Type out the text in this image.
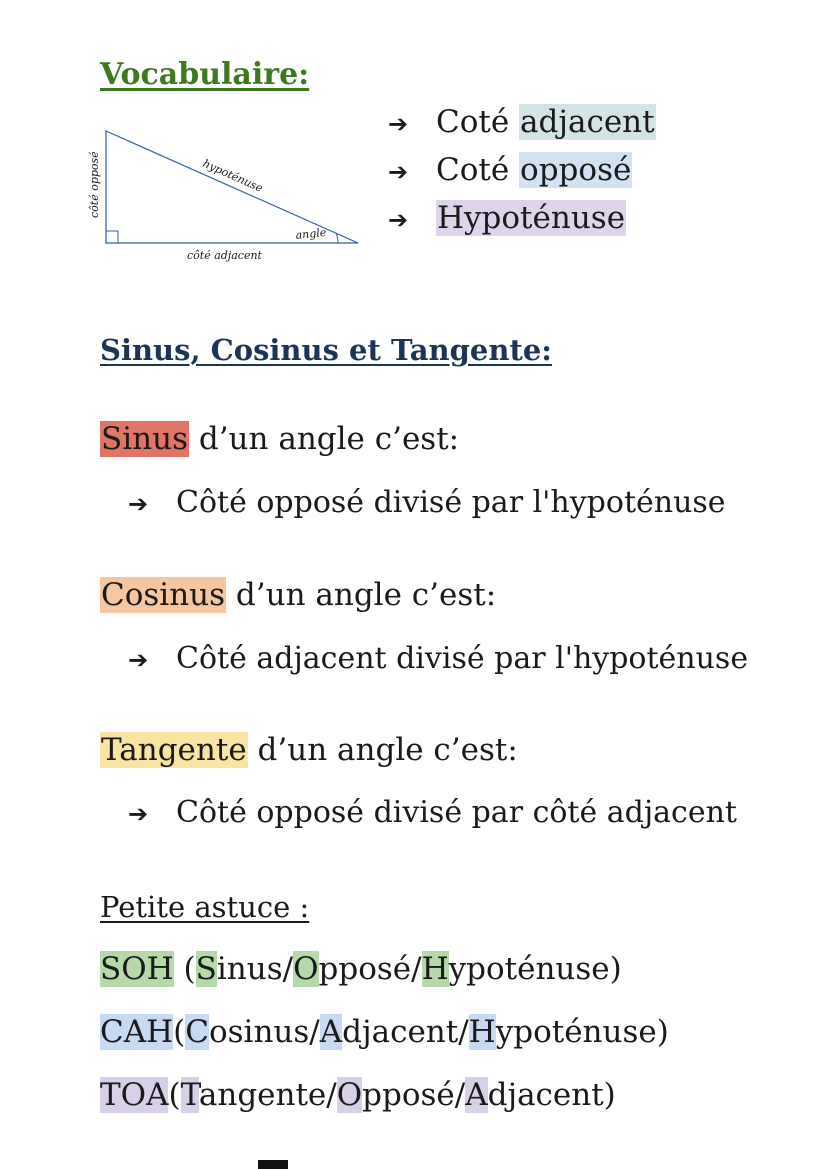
Vocabulaire:
côté opposé	hypoténuse
côté adjacent
angle
➔ Coté adjacent
➔ Coté opposé
➔ Hypoténuse
Sinus, Cosinus et Tangente:
Sinus d’un angle c’est:
➔ Côté opposé divisé par l'hypoténuse
Cosinus d’un angle c’est:
➔ Côté adjacent divisé par l'hypoténuse
Tangente d’un angle c’est:
➔ Côté opposé divisé par côté adjacent
Petite astuce :
SOH (Sinus/Opposé/Hypoténuse)
CAH(Cosinus/Adjacent/Hypoténuse)
TOA(Tangente/Opposé/Adjacent)
